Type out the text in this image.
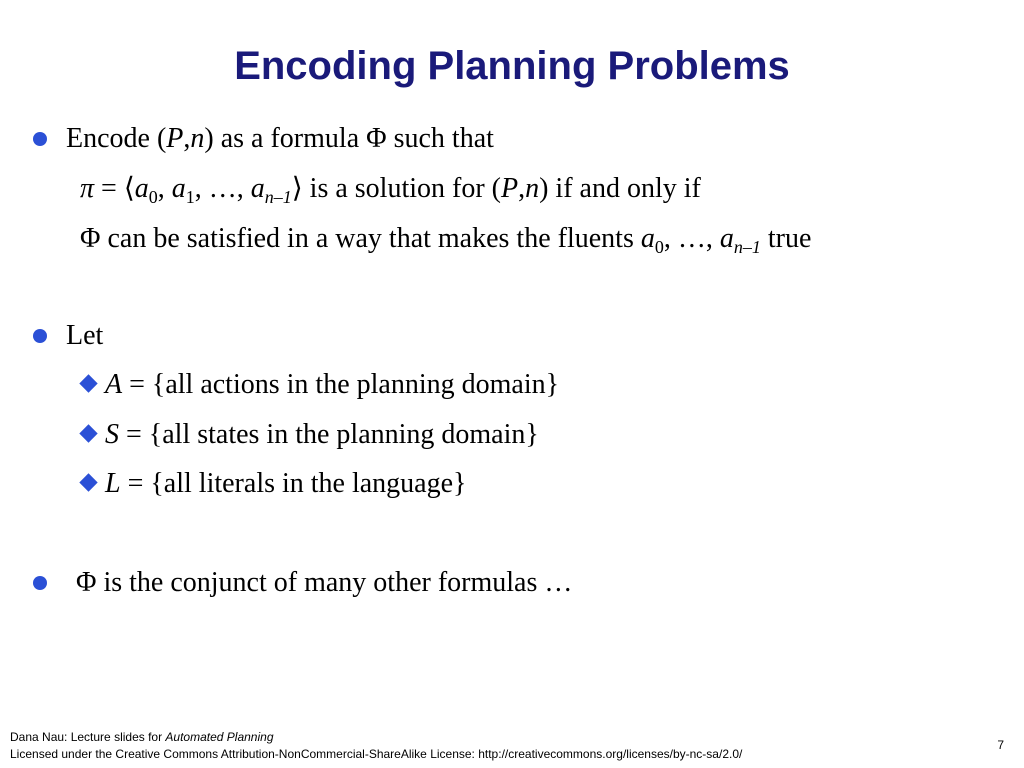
Encoding Planning Problems
Encode (P,n) as a formula Φ such that
$\pi = ⟨a_0$, $a_1$, …, $a_{n-1}⟩$ is a solution for (P,n) if and only if
Φ can be satisfied in a way that makes the fluents $a_0$, …, $a_{n-1}$ true
Let
A = {all actions in the planning domain}
S = {all states in the planning domain}
L = {all literals in the language}
Φ is the conjunct of many other formulas …
Dana Nau: Lecture slides for Automated Planning
Licensed under the Creative Commons Attribution-NonCommercial-ShareAlike License: http://creativecommons.org/licenses/by-nc-sa/2.0/
7
